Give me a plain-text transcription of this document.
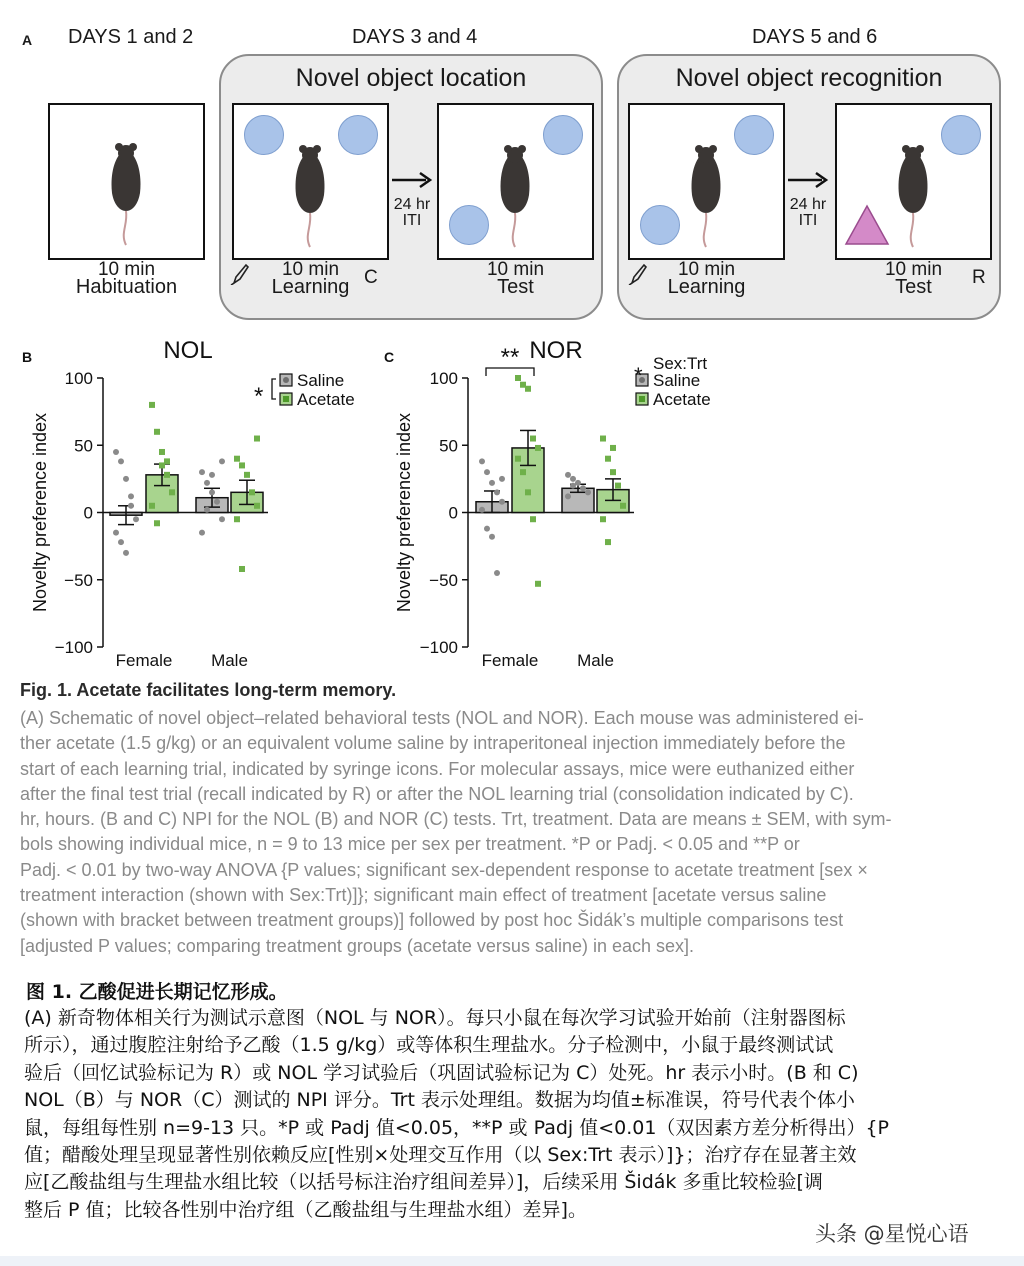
A DAYS 1 and 2	DAYS 3 and 4	DAYS 5 and 6
Novel object location	Novel object recognition
10 min
Habituation
10 min
Learning C
24 hr
ITI
10 min
Test
10 min
Learning
24 hr
ITI
10 min
Test	R
B	NOL
Novelty preference index
100
50
0
−50
−100
Female Male
Saline
Acetate
*
C	NOR
Novelty preference index
100
50
0
−50
−100
Female Male
Saline
Acetate
**
* Sex:Trt
Fig. 1. Acetate facilitates long-term memory.
(A) Schematic of novel object–related behavioral tests (NOL and NOR). Each mouse was administered ei-
ther acetate (1.5 g/kg) or an equivalent volume saline by intraperitoneal injection immediately before the
start of each learning trial, indicated by syringe icons. For molecular assays, mice were euthanized either
after the final test trial (recall indicated by R) or after the NOL learning trial (consolidation indicated by C).
hr, hours. (B and C) NPI for the NOL (B) and NOR (C) tests. Trt, treatment. Data are means ± SEM, with sym-
bols showing individual mice, n = 9 to 13 mice per sex per treatment. *P or Padj. < 0.05 and **P or
Padj. < 0.01 by two-way ANOVA {P values; significant sex-dependent response to acetate treatment [sex ×
treatment interaction (shown with Sex:Trt)]}; significant main effect of treatment [acetate versus saline
(shown with bracket between treatment groups)] followed by post hoc Šidák’s multiple comparisons test
[adjusted P values; comparing treatment groups (acetate versus saline) in each sex].
图 1. 乙酸促进长期记忆形成。
(A) 新奇物体相关行为测试示意图（NOL 与 NOR）。每只小鼠在每次学习试验开始前（注射器图标
所示），通过腹腔注射给予乙酸（1.5 g/kg）或等体积生理盐水。分子检测中，小鼠于最终测试试
验后（回忆试验标记为 R）或 NOL 学习试验后（巩固试验标记为 C）处死。hr 表示小时。(B 和 C)
NOL（B）与 NOR（C）测试的 NPI 评分。Trt 表示处理组。数据为均值±标准误，符号代表个体小
鼠，每组每性别 n=9-13 只。*P 或 Padj 值<0.05，**P 或 Padj 值<0.01（双因素方差分析得出）{P
值；醋酸处理呈现显著性别依赖反应[性别×处理交互作用（以 Sex:Trt 表示）]}；治疗存在显著主效
应[乙酸盐组与生理盐水组比较（以括号标注治疗组间差异）]，后续采用 Šidák 多重比较检验[调
整后 P 值；比较各性别中治疗组（乙酸盐组与生理盐水组）差异]。
头条 @星悦心语
